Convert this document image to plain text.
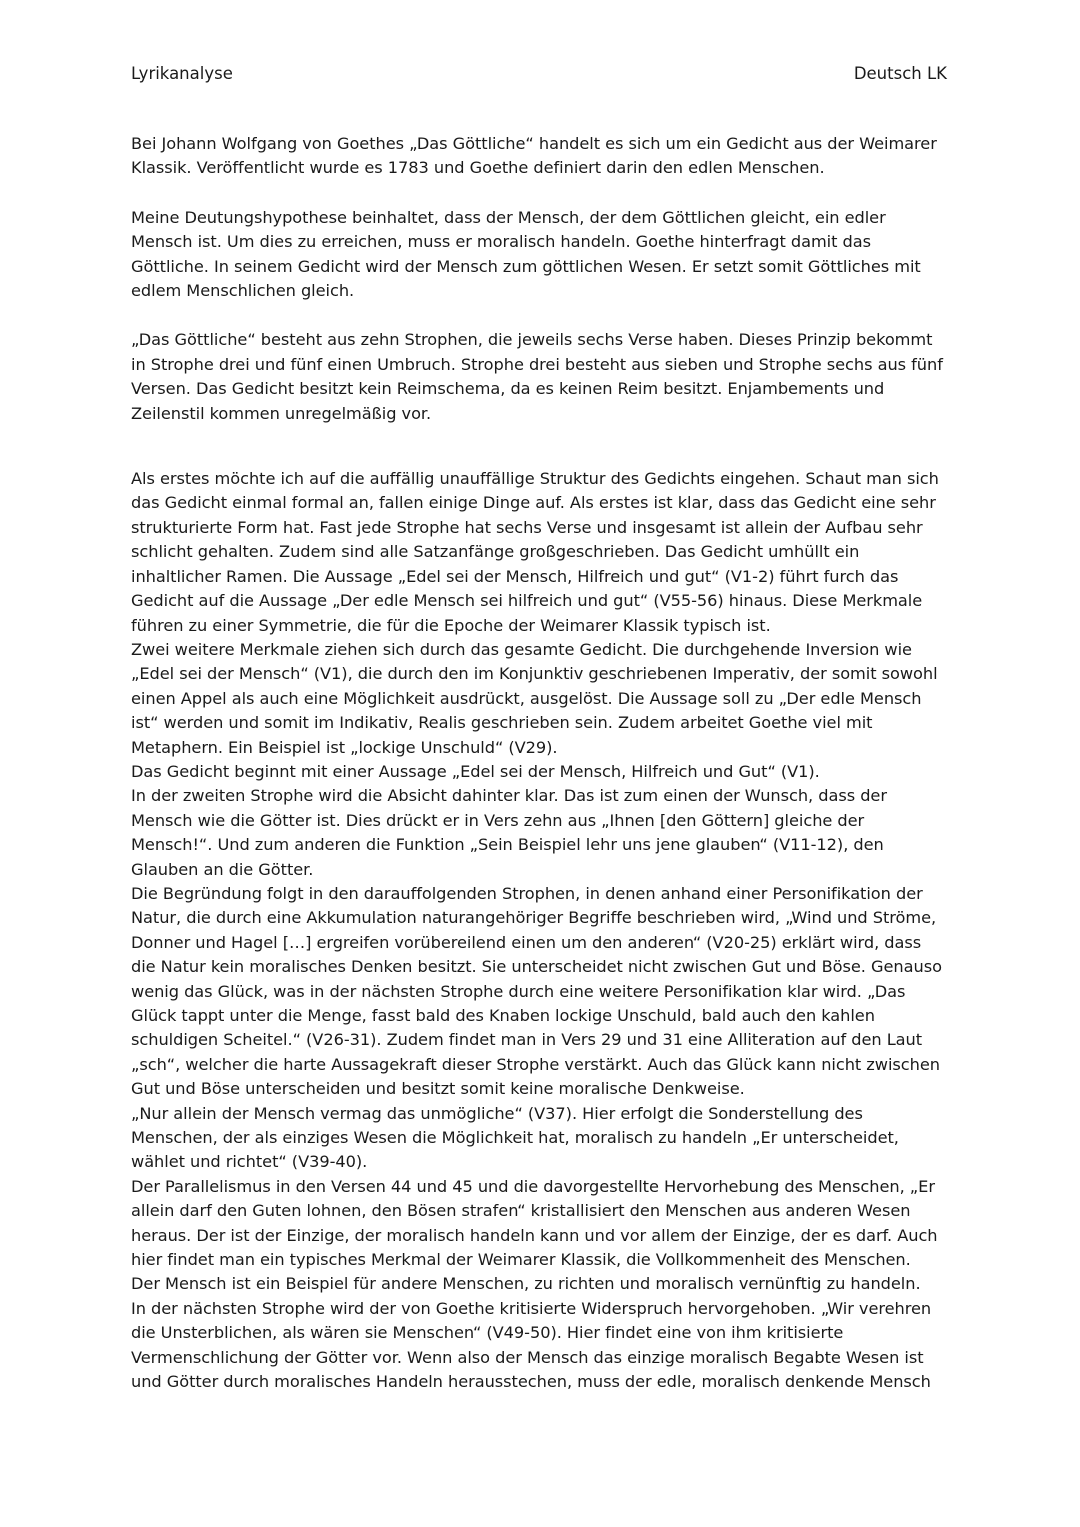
Lyrikanalyse	Deutsch LK

Bei Johann Wolfgang von Goethes „Das Göttliche“ handelt es sich um ein Gedicht aus der Weimarer Klassik. Veröffentlicht wurde es 1783 und Goethe definiert darin den edlen Menschen.

Meine Deutungshypothese beinhaltet, dass der Mensch, der dem Göttlichen gleicht, ein edler Mensch ist. Um dies zu erreichen, muss er moralisch handeln. Goethe hinterfragt damit das Göttliche. In seinem Gedicht wird der Mensch zum göttlichen Wesen. Er setzt somit Göttliches mit edlem Menschlichen gleich.

„Das Göttliche“ besteht aus zehn Strophen, die jeweils sechs Verse haben. Dieses Prinzip bekommt in Strophe drei und fünf einen Umbruch. Strophe drei besteht aus sieben und Strophe sechs aus fünf Versen. Das Gedicht besitzt kein Reimschema, da es keinen Reim besitzt. Enjambements und Zeilenstil kommen unregelmäßig vor.

Als erstes möchte ich auf die auffällig unauffällige Struktur des Gedichts eingehen. Schaut man sich das Gedicht einmal formal an, fallen einige Dinge auf. Als erstes ist klar, dass das Gedicht eine sehr strukturierte Form hat. Fast jede Strophe hat sechs Verse und insgesamt ist allein der Aufbau sehr schlicht gehalten. Zudem sind alle Satzanfänge großgeschrieben. Das Gedicht umhüllt ein inhaltlicher Ramen. Die Aussage „Edel sei der Mensch, Hilfreich und gut“ (V1-2) führt furch das Gedicht auf die Aussage „Der edle Mensch sei hilfreich und gut“ (V55-56) hinaus. Diese Merkmale führen zu einer Symmetrie, die für die Epoche der Weimarer Klassik typisch ist.

Zwei weitere Merkmale ziehen sich durch das gesamte Gedicht. Die durchgehende Inversion wie „Edel sei der Mensch“ (V1), die durch den im Konjunktiv geschriebenen Imperativ, der somit sowohl einen Appel als auch eine Möglichkeit ausdrückt, ausgelöst. Die Aussage soll zu „Der edle Mensch ist“ werden und somit im Indikativ, Realis geschrieben sein. Zudem arbeitet Goethe viel mit Metaphern. Ein Beispiel ist „lockige Unschuld“ (V29).

Das Gedicht beginnt mit einer Aussage „Edel sei der Mensch, Hilfreich und Gut“ (V1).

In der zweiten Strophe wird die Absicht dahinter klar. Das ist zum einen der Wunsch, dass der Mensch wie die Götter ist. Dies drückt er in Vers zehn aus „Ihnen [den Göttern] gleiche der Mensch!“. Und zum anderen die Funktion „Sein Beispiel lehr uns jene glauben“ (V11-12), den Glauben an die Götter.

Die Begründung folgt in den darauffolgenden Strophen, in denen anhand einer Personifikation der Natur, die durch eine Akkumulation naturangehöriger Begriffe beschrieben wird, „Wind und Ströme, Donner und Hagel […] ergreifen vorübereilend einen um den anderen“ (V20-25) erklärt wird, dass die Natur kein moralisches Denken besitzt. Sie unterscheidet nicht zwischen Gut und Böse. Genauso wenig das Glück, was in der nächsten Strophe durch eine weitere Personifikation klar wird. „Das Glück tappt unter die Menge, fasst bald des Knaben lockige Unschuld, bald auch den kahlen schuldigen Scheitel.“ (V26-31). Zudem findet man in Vers 29 und 31 eine Alliteration auf den Laut „sch“, welcher die harte Aussagekraft dieser Strophe verstärkt. Auch das Glück kann nicht zwischen Gut und Böse unterscheiden und besitzt somit keine moralische Denkweise.

„Nur allein der Mensch vermag das unmögliche“ (V37). Hier erfolgt die Sonderstellung des Menschen, der als einziges Wesen die Möglichkeit hat, moralisch zu handeln „Er unterscheidet, wählet und richtet“ (V39-40).

Der Parallelismus in den Versen 44 und 45 und die davorgestellte Hervorhebung des Menschen, „Er allein darf den Guten lohnen, den Bösen strafen“ kristallisiert den Menschen aus anderen Wesen heraus. Der ist der Einzige, der moralisch handeln kann und vor allem der Einzige, der es darf. Auch hier findet man ein typisches Merkmal der Weimarer Klassik, die Vollkommenheit des Menschen.

Der Mensch ist ein Beispiel für andere Menschen, zu richten und moralisch vernünftig zu handeln.

In der nächsten Strophe wird der von Goethe kritisierte Widerspruch hervorgehoben. „Wir verehren die Unsterblichen, als wären sie Menschen“ (V49-50). Hier findet eine von ihm kritisierte Vermenschlichung der Götter vor. Wenn also der Mensch das einzige moralisch Begabte Wesen ist und Götter durch moralisches Handeln herausstechen, muss der edle, moralisch denkende Mensch
